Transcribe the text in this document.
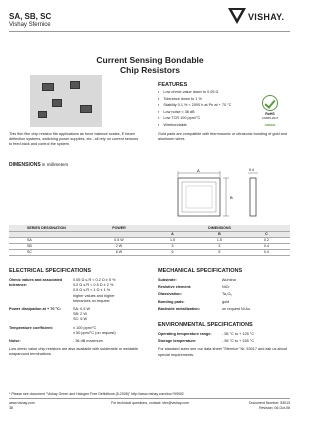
SA, SB, SC
Vishay Sfernice
VISHAY.
Current Sensing Bondable
Chip Resistors
FEATURES
▪ Low ohmic value down to 0.05 Ω
▪ Tolerance down to 1 %
▪ Stability 0.1 % < 2000 h at Pn at + 70 °C
▪ Low noise < 36 dB
▪ Low TCR 100 ppm/°C
▪ Wirebondable
RoHS
COMPLIANT
GREEN
This thin film chip resistor fits applications as force balance scales, E beam deflection systems, switching power supplies, etc., all rely on current sensors to feed back and control the system.
Gold pads are compatible with thermosonic or ultrasonic bonding of gold and aluminum wires.
DIMENSIONS in millimeters
A
B
0.4
SERIES DESIGNATION	POWER	DIMENSIONS		
		A	B	C
SA	0.5 W	1.5	1.5	0.2
SB	2 W	3	3	0.4
SC	6 W	6	5	0.4
ELECTRICAL SPECIFICATIONS
Ohmic values and associated tolerance:
0.05 Ω ≤ R < 0.2 Ω ± 5 %
0.2 Ω ≤ R < 0.5 Ω ± 2 %
0.5 Ω ≤ R < 1 Ω ± 1 %
higher values and higher
tolerances on request
Power dissipation at + 70 °C:	SA: 0.5 W
SB: 2 W
SC: 6 W
Temperature coefficient:	± 100 ppm/°C
± 50 ppm/°C (on request)
Noise:	- 36 dB maximum
Low ohmic value chip resistors are also available with solderable or weldable wraparound terminations.
MECHANICAL SPECIFICATIONS
Substrate:	Alumina
Resistive element:	NiCr
Glassivation:	Ta₂O₅
Bonding pads:	gold
Backside metallization:	on request Ni Au
ENVIRONMENTAL SPECIFICATIONS
Operating temperature range:	- 55 °C to + 125 °C
Storage temperature:	- 55 °C to + 155 °C
For standard sizes see our data sheet "Sfernice" Nr. 53017 and ask us about special requirements.
* Please see document "Vishay Green and Halogen Free Definitions (5-2008)" http://www.vishay.com/doc?99902
www.vishay.com
38
For technical questions, contact: sfer@vishay.com	Document Number: 53013
Revision: 06-Oct-06
